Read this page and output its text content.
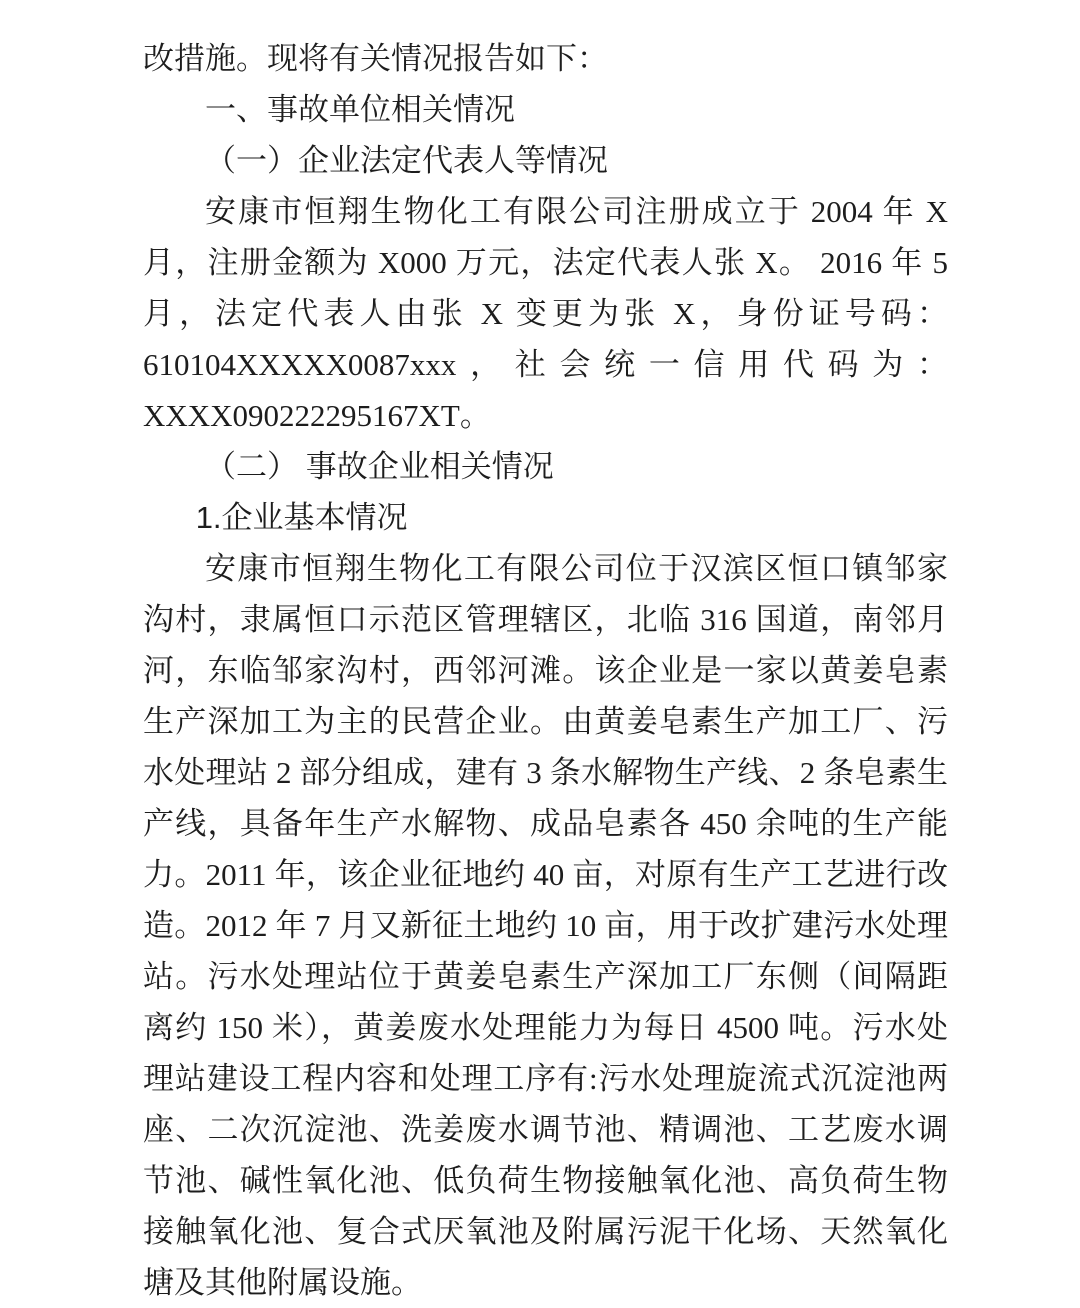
改措施。现将有关情况报告如下：

一、事故单位相关情况
（一）企业法定代表人等情况

安康市恒翔生物化工有限公司注册成立于 2004 年 X 月，注册金额为 X000 万元，法定代表人张 X。 2016 年 5 月，法定代表人由张 X 变更为张 X，身份证号码：610104XXXXX0087xxx，社会统一信用代码为：XXXX090222295167XT。

（二） 事故企业相关情况
1.企业基本情况

安康市恒翔生物化工有限公司位于汉滨区恒口镇邹家沟村，隶属恒口示范区管理辖区，北临 316 国道，南邻月河，东临邹家沟村，西邻河滩。该企业是一家以黄姜皂素生产深加工为主的民营企业。由黄姜皂素生产加工厂、污水处理站 2 部分组成，建有 3 条水解物生产线、2 条皂素生产线，具备年生产水解物、成品皂素各 450 余吨的生产能力。2011 年，该企业征地约 40 亩，对原有生产工艺进行改造。2012 年 7 月又新征土地约 10 亩，用于改扩建污水处理站。污水处理站位于黄姜皂素生产深加工厂东侧（间隔距离约 150 米），黄姜废水处理能力为每日 4500 吨。污水处理站建设工程内容和处理工序有:污水处理旋流式沉淀池两座、二次沉淀池、洗姜废水调节池、精调池、工艺废水调节池、碱性氧化池、低负荷生物接触氧化池、高负荷生物接触氧化池、复合式厌氧池及附属污泥干化场、天然氧化塘及其他附属设施。
